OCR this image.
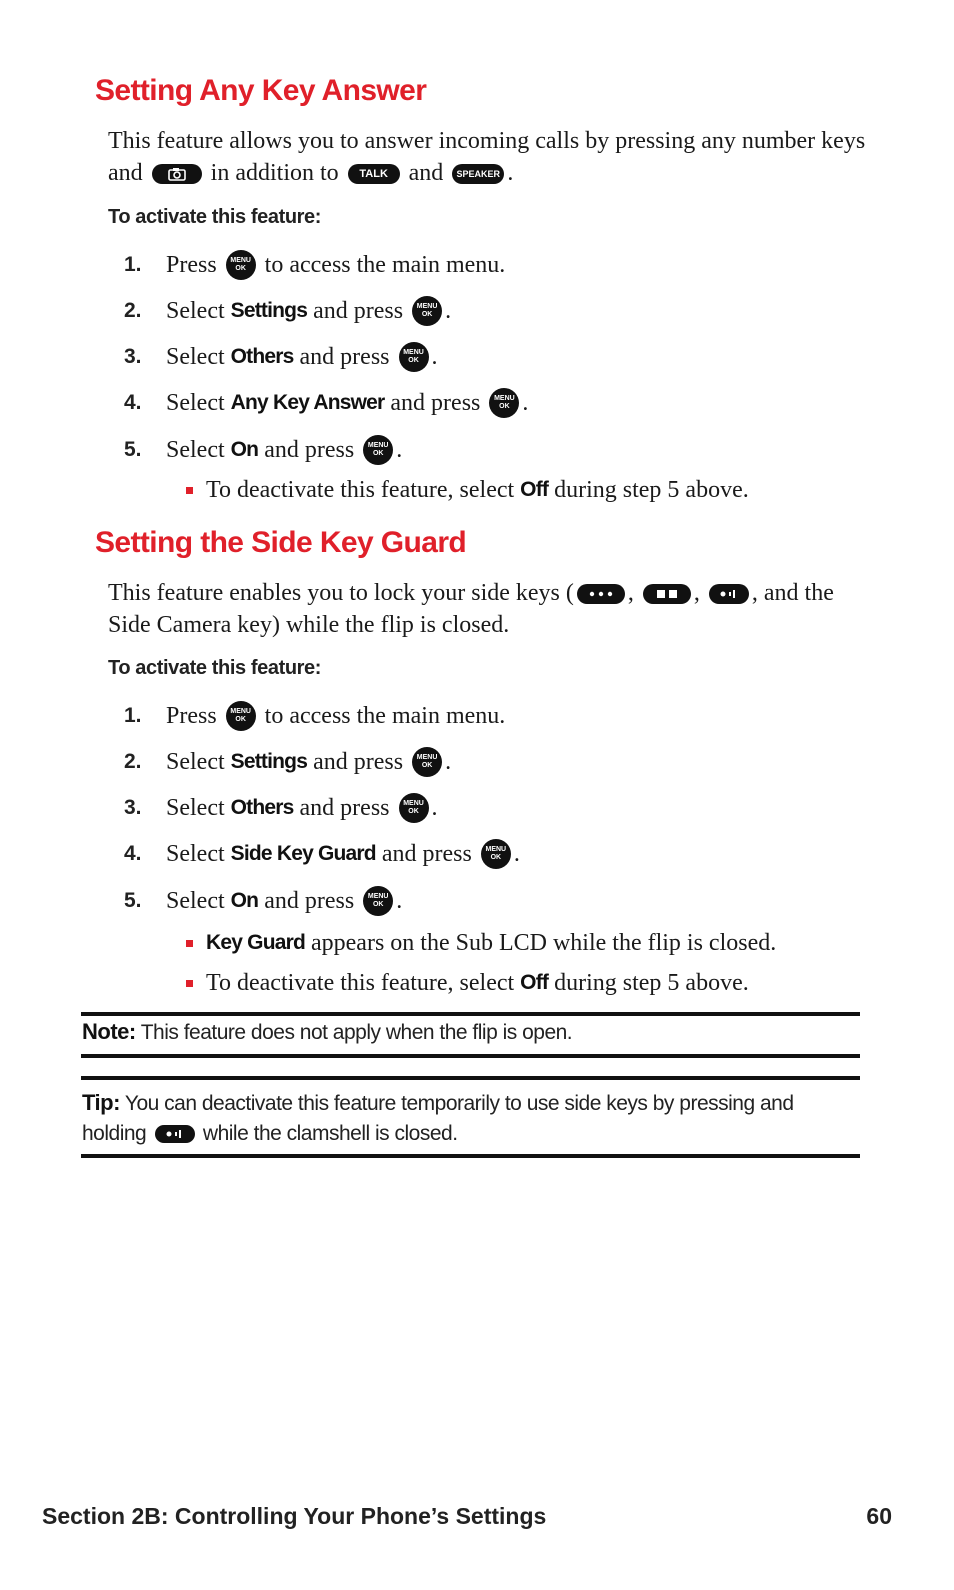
Setting Any Key Answer

This feature allows you to answer incoming calls by pressing any number keys and	in addition to TALK and SPEAKER .

To activate this feature:

1.	Press
MENU
OK
to access the main menu.
2.	Select
Settings
and press
MENU
OK .
3.	Select
Others
and press
MENU
OK .
4.	Select
Any Key Answer
and press
MENU
OK .
5.	Select
On
and press
MENU
OK .
To deactivate this feature, select
Off
during step 5 above.
Setting the Side Key Guard

This feature enables you to lock your side keys ( ,	, , and the Side Camera key) while the flip is closed.

To activate this feature:

1.	Press
MENU
OK
to access the main menu.
2.	Select
Settings
and press
MENU
OK .
3.	Select
Others
and press
MENU
OK .
4.	Select
Side Key Guard
and press
MENU
OK .
5.	Select
On
and press
MENU
OK .
Key Guard
appears on the Sub LCD while the flip is closed.
To deactivate this feature, select
Off
during step 5 above.

Note: This feature does not apply when the flip is open.

Tip: You can deactivate this feature temporarily to use side keys by pressing and holding	while the clamshell is closed.

Section 2B: Controlling Your Phone’s Settings	60
